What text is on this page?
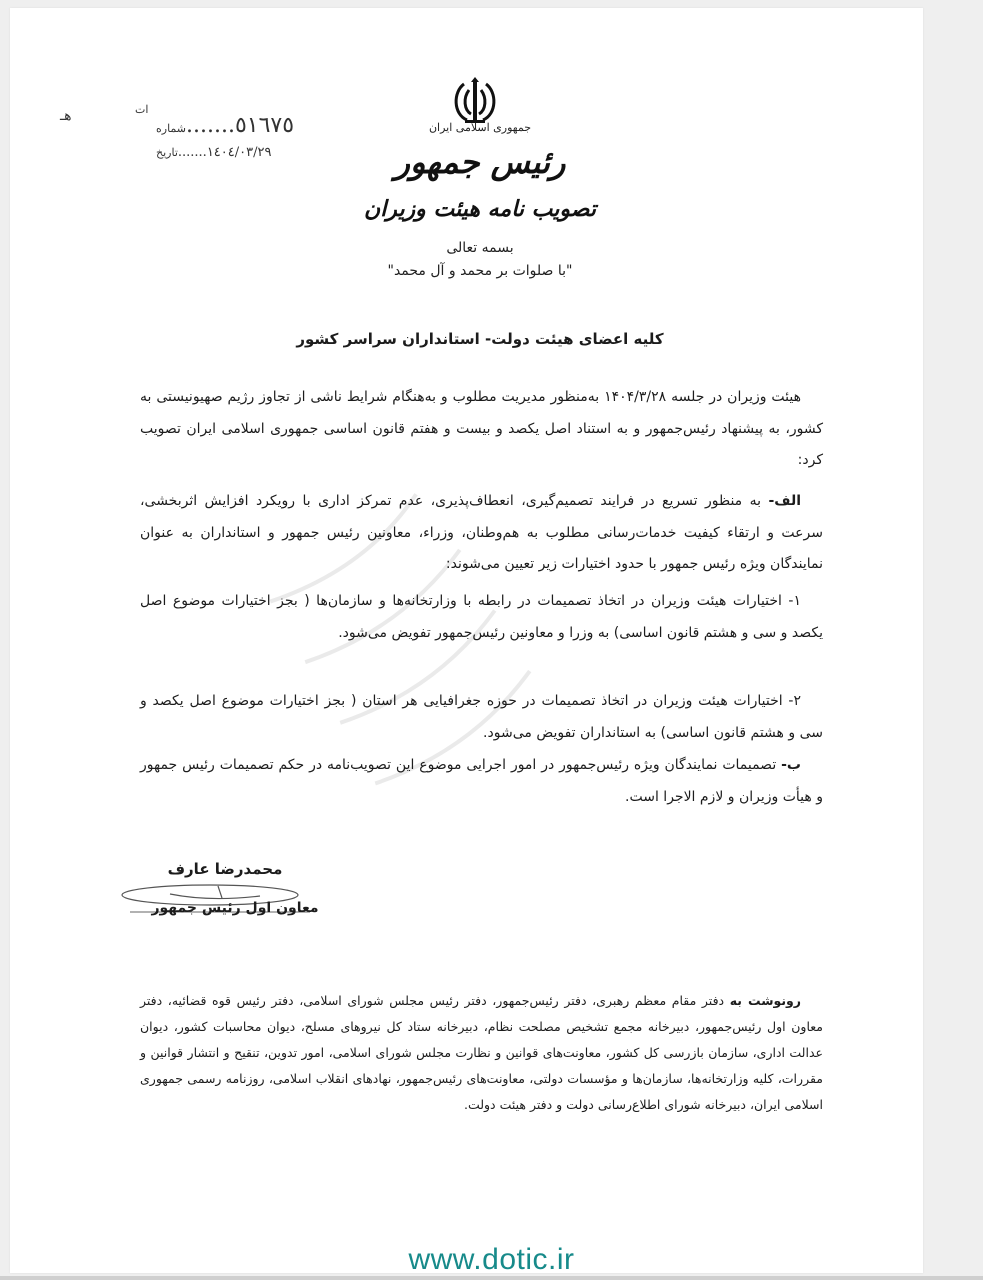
هـ	ات
٥١٦٧٥.......شماره
١٤٠٤/٠٣/٢٩.......تاریخ
جمهوری اسلامی ایران
رئیس جمهور
تصویب نامه هیئت وزیران
بسمه تعالی
"با صلوات بر محمد و آل محمد"
کلیه اعضای هیئت دولت- استانداران سراسر کشور

هیئت وزیران در جلسه ۱۴۰۴/۳/۲۸ به‌منظور مدیریت مطلوب و به‌هنگام شرایط ناشی از تجاوز رژیم صهیونیستی به کشور، به پیشنهاد رئیس‌جمهور و به استناد اصل یکصد و بیست و هفتم قانون اساسی جمهوری اسلامی ایران تصویب کرد:

الف- به منظور تسریع در فرایند تصمیم‌گیری، انعطاف‌پذیری، عدم تمرکز اداری با رویکرد افزایش اثربخشی، سرعت و ارتقاء کیفیت خدمات‌رسانی مطلوب به هم‌وطنان، وزراء، معاونین رئیس جمهور و استانداران به عنوان نمایندگان ویژه رئیس جمهور با حدود اختیارات زیر تعیین می‌شوند:

۱- اختیارات هیئت وزیران در اتخاذ تصمیمات در رابطه با وزارتخانه‌ها و سازمان‌ها ( بجز اختیارات موضوع اصل یکصد و سی و هشتم قانون اساسی) به وزرا و معاونین رئیس‌جمهور تفویض می‌شود.

۲- اختیارات هیئت وزیران در اتخاذ تصمیمات در حوزه جغرافیایی هر استان ( بجز اختیارات موضوع اصل یکصد و سی و هشتم قانون اساسی) به استانداران تفویض می‌شود.

ب- تصمیمات نمایندگان ویژه رئیس‌جمهور در امور اجرایی موضوع این تصویب‌نامه در حکم تصمیمات رئیس جمهور و هیأت وزیران و لازم الاجرا است.

محمدرضا عارف
معاون اول رئیس جمهور

رونوشت به دفتر مقام معظم رهبری، دفتر رئیس‌جمهور، دفتر رئیس مجلس شورای اسلامی، دفتر رئیس قوه قضائیه، دفتر معاون اول رئیس‌جمهور، دبیرخانه مجمع تشخیص مصلحت نظام، دبیرخانه ستاد کل نیروهای مسلح، دیوان محاسبات کشور، دیوان عدالت اداری، سازمان بازرسی کل کشور، معاونت‌های قوانین و نظارت مجلس شورای اسلامی، امور تدوین، تنقیح و انتشار قوانین و مقررات، کلیه وزارتخانه‌ها، سازمان‌ها و مؤسسات دولتی، معاونت‌های رئیس‌جمهور، نهادهای انقلاب اسلامی، روزنامه رسمی جمهوری اسلامی ایران، دبیرخانه شورای اطلاع‌رسانی دولت و دفتر هیئت دولت.

www.dotic.ir
